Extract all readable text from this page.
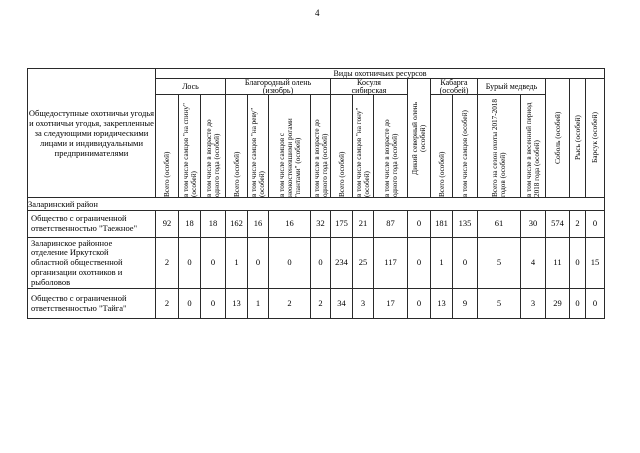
4
Общедоступные охотничьи угодья и охотничьи угодья, закрепленные за следующими юридическими лицами и индивидуальными предпринимателями	Виды охотничьих ресурсов																	
	Лось			Благородный олень (изюбрь)				Косуля сибирская			Дикий северный олень (особей)	Кабарга (особей)		Бурый медведь		Соболь (особей)	Рысь (особей)	Барсук (особей)
	Всего (особей)	в том числе самцов "на спину" (особей)	в том числе в возрасте до одного года (особей)	Всего (особей)	в том числе самцов "на реву" (особей)	в том числе самцов с неокостеневшими рогами "пантами" (особей)	в том числе в возрасте до одного года (особей)	Всего (особей)	в том числе самцов "на гону" (особей)	в том числе в возрасте до одного года (особей)		Всего (особей)	в том числе самцов (особей)	Всего на сезон охоты 2017-2018 годов (особей)	в том числе в весенний период 2018 года (особей)			
Заларинский район																		
Общество с ограниченной ответственностью "Таежное"	92	18	18	162	16	16	32	175	21	87	0	181	135	61	30	574	2	0
Заларинское районное отделение Иркутской областной общественной организации охотников и рыболовов	2	0	0	1	0	0	0	234	25	117	0	1	0	5	4	11	0	15
Общество с ограниченной ответственностью "Тайга"	2	0	0	13	1	2	2	34	3	17	0	13	9	5	3	29	0	0
